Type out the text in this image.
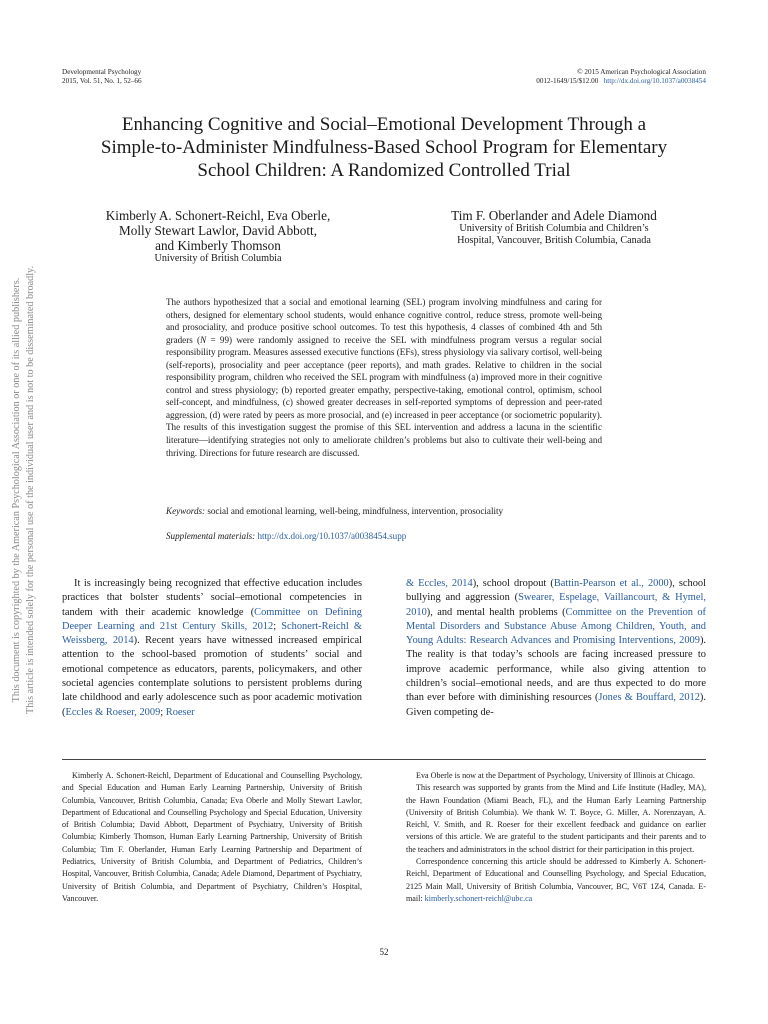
Developmental Psychology
2015, Vol. 51, No. 1, 52–66
© 2015 American Psychological Association
0012-1649/15/$12.00 http://dx.doi.org/10.1037/a0038454
Enhancing Cognitive and Social–Emotional Development Through a
Simple-to-Administer Mindfulness-Based School Program for Elementary
School Children: A Randomized Controlled Trial
Kimberly A. Schonert-Reichl, Eva Oberle,
Molly Stewart Lawlor, David Abbott,
and Kimberly Thomson
University of British Columbia
Tim F. Oberlander and Adele Diamond
University of British Columbia and Children’s
Hospital, Vancouver, British Columbia, Canada
The authors hypothesized that a social and emotional learning (SEL) program involving mindfulness and caring for others, designed for elementary school students, would enhance cognitive control, reduce stress, promote well-being and prosociality, and produce positive school outcomes. To test this hypothesis, 4 classes of combined 4th and 5th graders (N = 99) were randomly assigned to receive the SEL with mindfulness program versus a regular social responsibility program. Measures assessed executive functions (EFs), stress physiology via salivary cortisol, well-being (self-reports), prosociality and peer acceptance (peer reports), and math grades. Relative to children in the social responsibility program, children who received the SEL program with mindfulness (a) improved more in their cognitive control and stress physiology; (b) reported greater empathy, perspective-taking, emotional control, optimism, school self-concept, and mindfulness, (c) showed greater decreases in self-reported symptoms of depression and peer-rated aggression, (d) were rated by peers as more prosocial, and (e) increased in peer acceptance (or sociometric popularity). The results of this investigation suggest the promise of this SEL intervention and address a lacuna in the scientific literature—identifying strategies not only to ameliorate children’s problems but also to cultivate their well-being and thriving. Directions for future research are discussed.
Keywords: social and emotional learning, well-being, mindfulness, intervention, prosociality
Supplemental materials: http://dx.doi.org/10.1037/a0038454.supp
It is increasingly being recognized that effective education includes practices that bolster students’ social–emotional competencies in tandem with their academic knowledge (Committee on Defining Deeper Learning and 21st Century Skills, 2012; Schonert-Reichl & Weissberg, 2014). Recent years have witnessed increased empirical attention to the school-based promotion of students’ social and emotional competence as educators, parents, policymakers, and other societal agencies contemplate solutions to persistent problems during late childhood and early adolescence such as poor academic motivation (Eccles & Roeser, 2009; Roeser
& Eccles, 2014), school dropout (Battin-Pearson et al., 2000), school bullying and aggression (Swearer, Espelage, Vaillancourt, & Hymel, 2010), and mental health problems (Committee on the Prevention of Mental Disorders and Substance Abuse Among Children, Youth, and Young Adults: Research Advances and Promising Interventions, 2009). The reality is that today’s schools are facing increased pressure to improve academic performance, while also giving attention to children’s social–emotional needs, and are thus expected to do more than ever before with diminishing resources (Jones & Bouffard, 2012). Given competing de-

Kimberly A. Schonert-Reichl, Department of Educational and Counselling Psychology, and Special Education and Human Early Learning Partnership, University of British Columbia, Vancouver, British Columbia, Canada; Eva Oberle and Molly Stewart Lawlor, Department of Educational and Counselling Psychology and Special Education, University of British Columbia; David Abbott, Department of Psychiatry, University of British Columbia; Kimberly Thomson, Human Early Learning Partnership, University of British Columbia; Tim F. Oberlander, Human Early Learning Partnership and Department of Pediatrics, University of British Columbia, and Department of Pediatrics, Children’s Hospital, Vancouver, British Columbia, Canada; Adele Diamond, Department of Psychiatry, University of British Columbia, and Department of Psychiatry, Children’s Hospital, Vancouver.

Eva Oberle is now at the Department of Psychology, University of Illinois at Chicago.

This research was supported by grants from the Mind and Life Institute (Hadley, MA), the Hawn Foundation (Miami Beach, FL), and the Human Early Learning Partnership (University of British Columbia). We thank W. T. Boyce, G. Miller, A. Norenzayan, A. Reichl, V. Smith, and R. Roeser for their excellent feedback and guidance on earlier versions of this article. We are grateful to the student participants and their parents and to the teachers and administrators in the school district for their participation in this project.

Correspondence concerning this article should be addressed to Kimberly A. Schonert-Reichl, Department of Educational and Counselling Psychology, and Special Education, 2125 Main Mall, University of British Columbia, Vancouver, BC, V6T 1Z4, Canada. E-mail: kimberly.schonert-reichl@ubc.ca

52
This document is copyrighted by the American Psychological Association or one of its allied publishers. This article is intended solely for the personal use of the individual user and is not to be disseminated broadly.
